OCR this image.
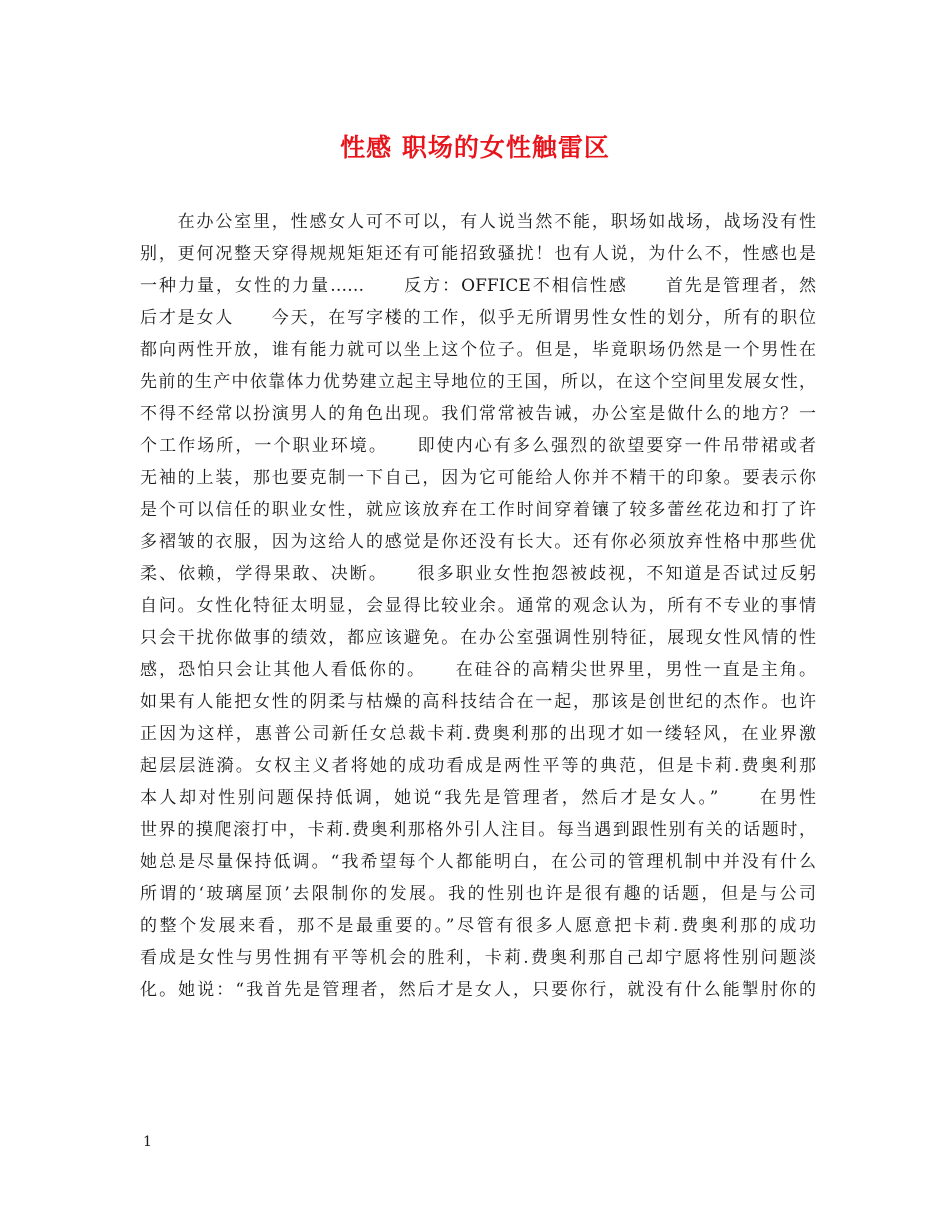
性感 职场的女性触雷区
　　在办公室里，性感女人可不可以，有人说当然不能，职场如战场，战场没有性
别，更何况整天穿得规规矩矩还有可能招致骚扰！也有人说，为什么不，性感也是
一种力量，女性的力量……　　反方：OFFICE不相信性感　　首先是管理者，然
后才是女人　　今天，在写字楼的工作，似乎无所谓男性女性的划分，所有的职位
都向两性开放，谁有能力就可以坐上这个位子。但是，毕竟职场仍然是一个男性在
先前的生产中依靠体力优势建立起主导地位的王国，所以，在这个空间里发展女性，
不得不经常以扮演男人的角色出现。我们常常被告诫，办公室是做什么的地方？一
个工作场所，一个职业环境。　　即使内心有多么强烈的欲望要穿一件吊带裙或者
无袖的上装，那也要克制一下自己，因为它可能给人你并不精干的印象。要表示你
是个可以信任的职业女性，就应该放弃在工作时间穿着镶了较多蕾丝花边和打了许
多褶皱的衣服，因为这给人的感觉是你还没有长大。还有你必须放弃性格中那些优
柔、依赖，学得果敢、决断。　　很多职业女性抱怨被歧视，不知道是否试过反躬
自问。女性化特征太明显，会显得比较业余。通常的观念认为，所有不专业的事情
只会干扰你做事的绩效，都应该避免。在办公室强调性别特征，展现女性风情的性
感，恐怕只会让其他人看低你的。　　在硅谷的高精尖世界里，男性一直是主角。
如果有人能把女性的阴柔与枯燥的高科技结合在一起，那该是创世纪的杰作。也许
正因为这样，惠普公司新任女总裁卡莉.费奥利那的出现才如一缕轻风，在业界激
起层层涟漪。女权主义者将她的成功看成是两性平等的典范，但是卡莉.费奥利那
本人却对性别问题保持低调，她说“我先是管理者，然后才是女人。”　　在男性
世界的摸爬滚打中，卡莉.费奥利那格外引人注目。每当遇到跟性别有关的话题时，
她总是尽量保持低调。“我希望每个人都能明白，在公司的管理机制中并没有什么
所谓的‘玻璃屋顶’去限制你的发展。我的性别也许是很有趣的话题，但是与公司
的整个发展来看，那不是最重要的。”尽管有很多人愿意把卡莉.费奥利那的成功
看成是女性与男性拥有平等机会的胜利，卡莉.费奥利那自己却宁愿将性别问题淡
化。她说：“我首先是管理者，然后才是女人，只要你行，就没有什么能掣肘你的
1
